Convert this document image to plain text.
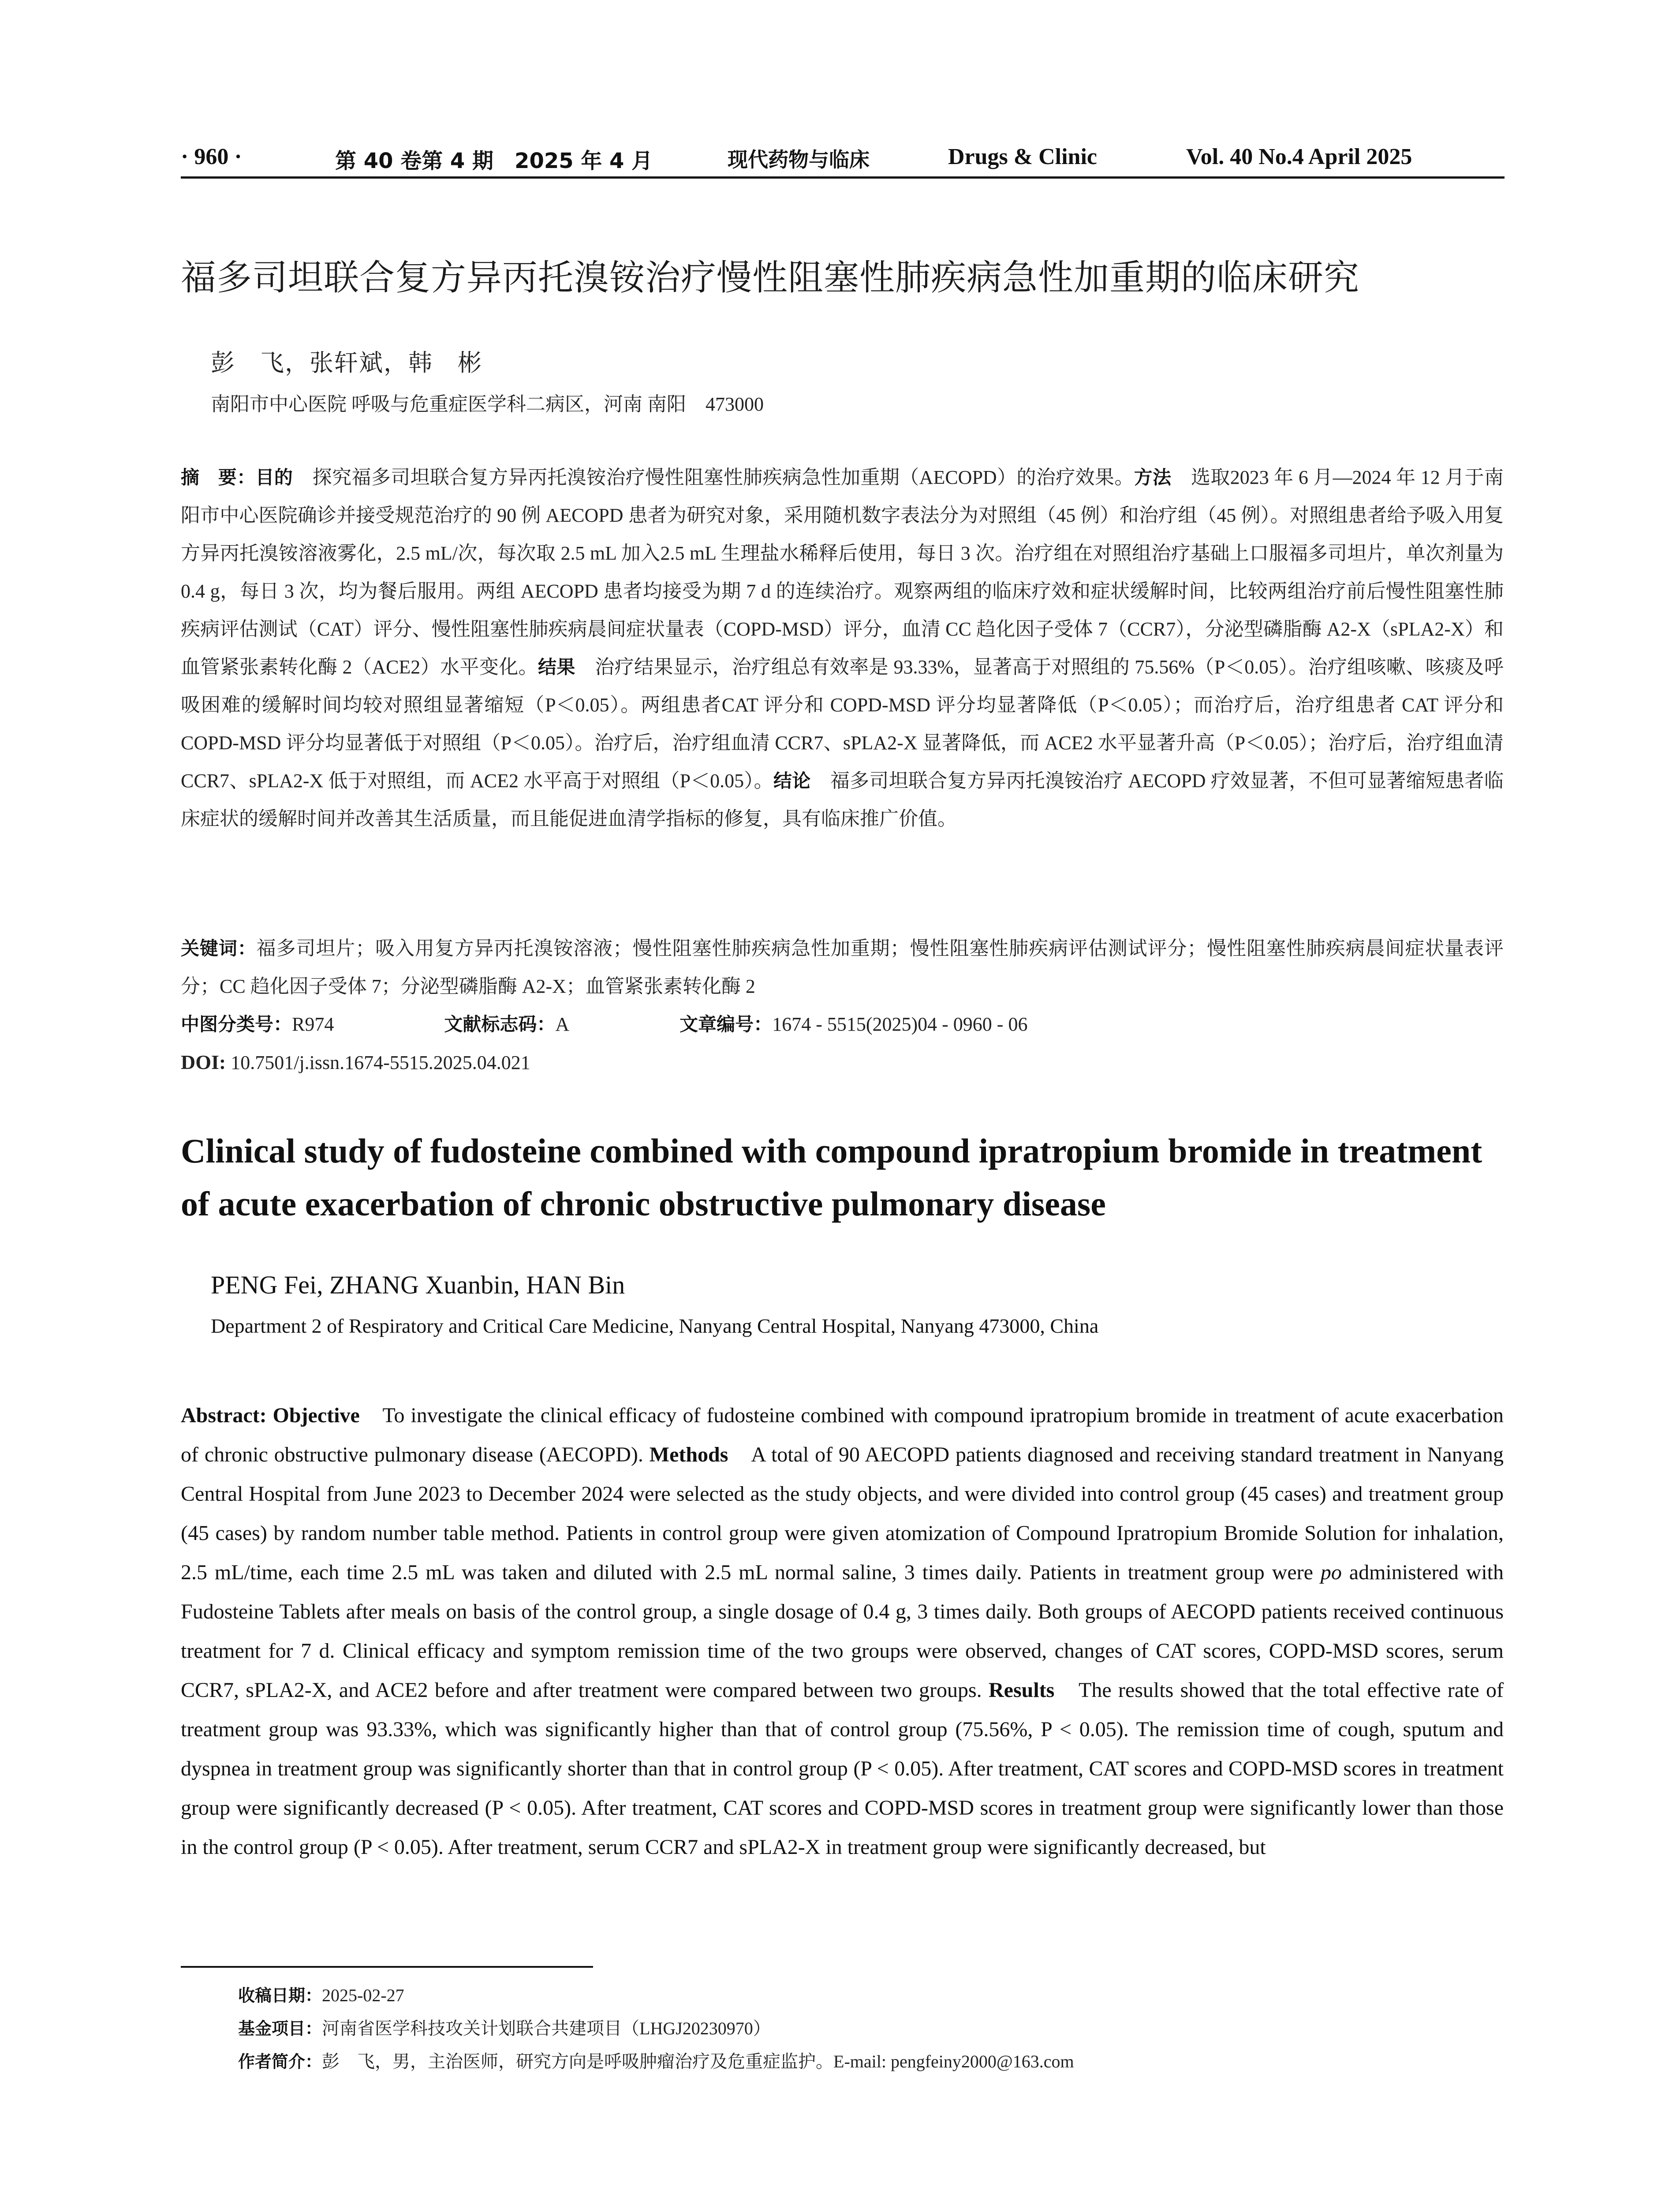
· 960 ·	第 40 卷第 4 期　2025 年 4 月	现代药物与临床	Drugs & Clinic	Vol. 40 No.4 April 2025
福多司坦联合复方异丙托溴铵治疗慢性阻塞性肺疾病急性加重期的临床研究
彭　飞，张轩斌，韩　彬
南阳市中心医院 呼吸与危重症医学科二病区，河南 南阳　473000
摘　要：目的　探究福多司坦联合复方异丙托溴铵治疗慢性阻塞性肺疾病急性加重期（AECOPD）的治疗效果。方法　选取2023 年 6 月—2024 年 12 月于南阳市中心医院确诊并接受规范治疗的 90 例 AECOPD 患者为研究对象，采用随机数字表法分为对照组（45 例）和治疗组（45 例）。对照组患者给予吸入用复方异丙托溴铵溶液雾化，2.5 mL/次，每次取 2.5 mL 加入2.5 mL 生理盐水稀释后使用，每日 3 次。治疗组在对照组治疗基础上口服福多司坦片，单次剂量为 0.4 g，每日 3 次，均为餐后服用。两组 AECOPD 患者均接受为期 7 d 的连续治疗。观察两组的临床疗效和症状缓解时间，比较两组治疗前后慢性阻塞性肺疾病评估测试（CAT）评分、慢性阻塞性肺疾病晨间症状量表（COPD-MSD）评分，血清 CC 趋化因子受体 7（CCR7），分泌型磷脂酶 A2-X（sPLA2-X）和血管紧张素转化酶 2（ACE2）水平变化。结果　治疗结果显示，治疗组总有效率是 93.33%，显著高于对照组的 75.56%（P＜0.05）。治疗组咳嗽、咳痰及呼吸困难的缓解时间均较对照组显著缩短（P＜0.05）。两组患者CAT 评分和 COPD-MSD 评分均显著降低（P＜0.05）；而治疗后，治疗组患者 CAT 评分和 COPD-MSD 评分均显著低于对照组（P＜0.05）。治疗后，治疗组血清 CCR7、sPLA2-X 显著降低，而 ACE2 水平显著升高（P＜0.05）；治疗后，治疗组血清CCR7、sPLA2-X 低于对照组，而 ACE2 水平高于对照组（P＜0.05）。结论　福多司坦联合复方异丙托溴铵治疗 AECOPD 疗效显著，不但可显著缩短患者临床症状的缓解时间并改善其生活质量，而且能促进血清学指标的修复，具有临床推广价值。
关键词：福多司坦片；吸入用复方异丙托溴铵溶液；慢性阻塞性肺疾病急性加重期；慢性阻塞性肺疾病评估测试评分；慢性阻塞性肺疾病晨间症状量表评分；CC 趋化因子受体 7；分泌型磷脂酶 A2-X；血管紧张素转化酶 2
中图分类号：R974	文献标志码：A	文章编号：1674 - 5515(2025)04 - 0960 - 06
DOI: 10.7501/j.issn.1674-5515.2025.04.021
Clinical study of fudosteine combined with compound ipratropium bromide in treatment of acute exacerbation of chronic obstructive pulmonary disease
PENG Fei, ZHANG Xuanbin, HAN Bin
Department 2 of Respiratory and Critical Care Medicine, Nanyang Central Hospital, Nanyang 473000, China
Abstract: Objective　To investigate the clinical efficacy of fudosteine combined with compound ipratropium bromide in treatment of acute exacerbation of chronic obstructive pulmonary disease (AECOPD). Methods　A total of 90 AECOPD patients diagnosed and receiving standard treatment in Nanyang Central Hospital from June 2023 to December 2024 were selected as the study objects, and were divided into control group (45 cases) and treatment group (45 cases) by random number table method. Patients in control group were given atomization of Compound Ipratropium Bromide Solution for inhalation, 2.5 mL/time, each time 2.5 mL was taken and diluted with 2.5 mL normal saline, 3 times daily. Patients in treatment group were po administered with Fudosteine Tablets after meals on basis of the control group, a single dosage of 0.4 g, 3 times daily. Both groups of AECOPD patients received continuous treatment for 7 d. Clinical efficacy and symptom remission time of the two groups were observed, changes of CAT scores, COPD-MSD scores, serum CCR7, sPLA2-X, and ACE2 before and after treatment were compared between two groups. Results　The results showed that the total effective rate of treatment group was 93.33%, which was significantly higher than that of control group (75.56%, P < 0.05). The remission time of cough, sputum and dyspnea in treatment group was significantly shorter than that in control group (P < 0.05). After treatment, CAT scores and COPD-MSD scores in treatment group were significantly decreased (P < 0.05). After treatment, CAT scores and COPD-MSD scores in treatment group were significantly lower than those in the control group (P < 0.05). After treatment, serum CCR7 and sPLA2-X in treatment group were significantly decreased, but
收稿日期：2025-02-27
基金项目：河南省医学科技攻关计划联合共建项目（LHGJ20230970）
作者简介：彭　飞，男，主治医师，研究方向是呼吸肿瘤治疗及危重症监护。E-mail: pengfeiny2000@163.com
